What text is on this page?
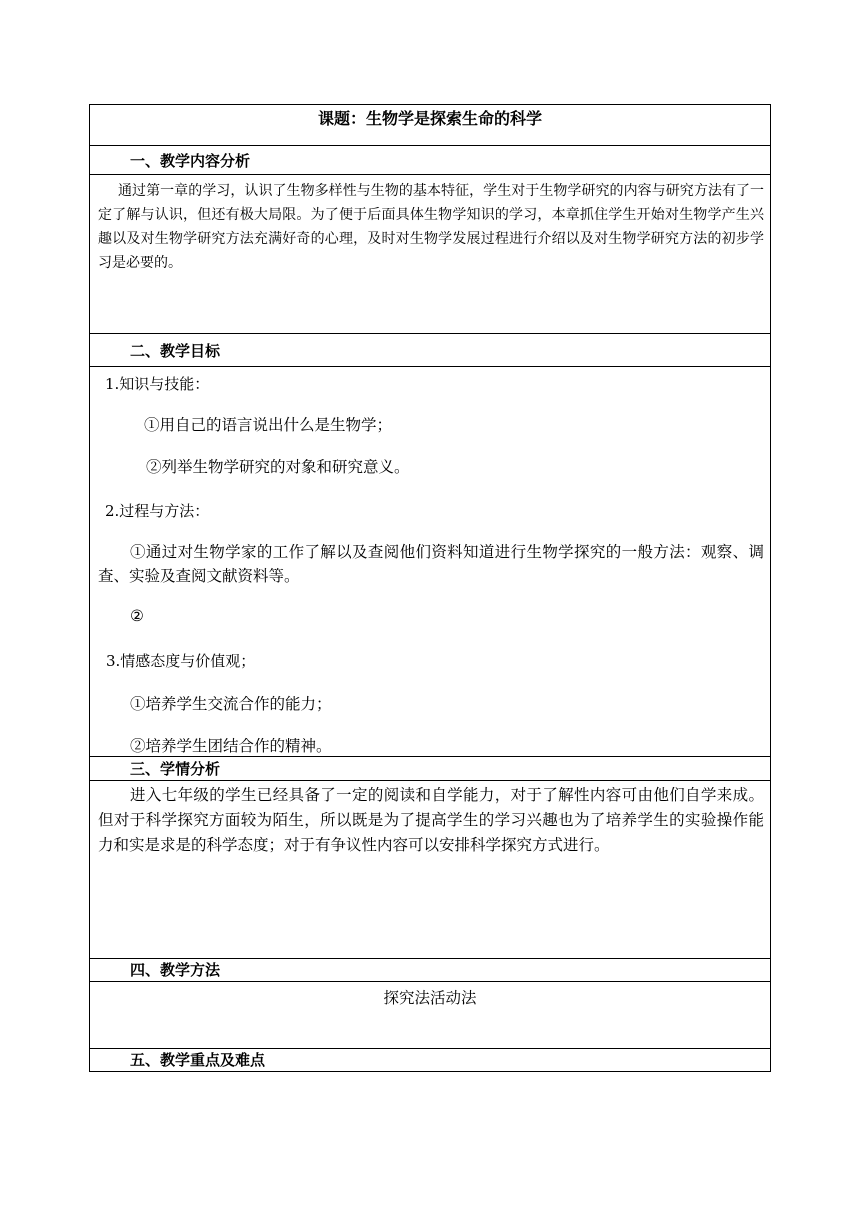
课题：生物学是探索生命的科学
一、教学内容分析
通过第一章的学习，认识了生物多样性与生物的基本特征，学生对于生物学研究的内容与研究方法有了一定了解与认识，但还有极大局限。为了便于后面具体生物学知识的学习，本章抓住学生开始对生物学产生兴趣以及对生物学研究方法充满好奇的心理，及时对生物学发展过程进行介绍以及对生物学研究方法的初步学习是必要的。
二、教学目标
1.知识与技能：
①用自己的语言说出什么是生物学；
②列举生物学研究的对象和研究意义。
2.过程与方法：
①通过对生物学家的工作了解以及查阅他们资料知道进行生物学探究的一般方法：观察、调查、实验及查阅文献资料等。
②
3.情感态度与价值观；
①培养学生交流合作的能力；
②培养学生团结合作的精神。
三、学情分析
进入七年级的学生已经具备了一定的阅读和自学能力，对于了解性内容可由他们自学来成。但对于科学探究方面较为陌生，所以既是为了提高学生的学习兴趣也为了培养学生的实验操作能力和实是求是的科学态度；对于有争议性内容可以安排科学探究方式进行。
四、教学方法
探究法活动法
五、教学重点及难点
